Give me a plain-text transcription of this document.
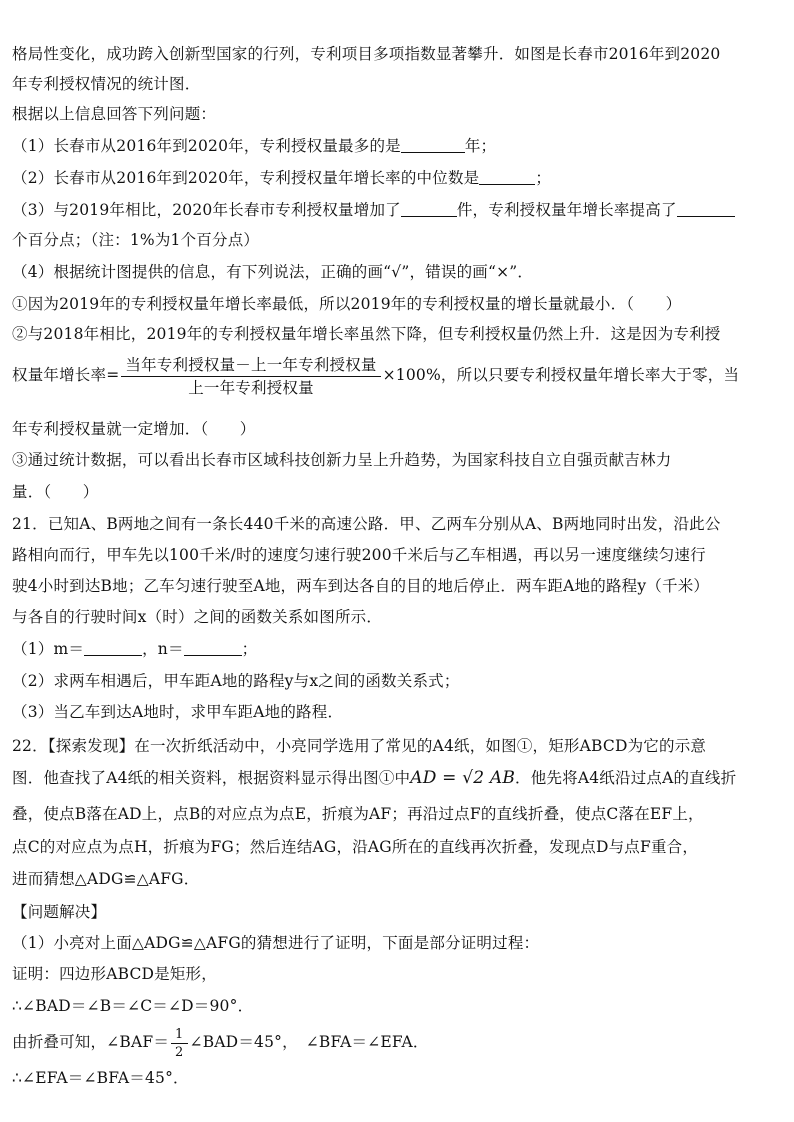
格局性变化，成功跨入创新型国家的行列，专利项目多项指数显著攀升．如图是长春市2016年到2020
年专利授权情况的统计图．
根据以上信息回答下列问题：
（1）长春市从2016年到2020年，专利授权量最多的是	年；
（2）长春市从2016年到2020年，专利授权量年增长率的中位数是	；
（3）与2019年相比，2020年长春市专利授权量增加了	件，专利授权量年增长率提高了
个百分点；（注：1%为1个百分点）
（4）根据统计图提供的信息，有下列说法，正确的画“√”，错误的画“×”．
①因为2019年的专利授权量年增长率最低，所以2019年的专利授权量的增长量就最小．（　　）
②与2018年相比，2019年的专利授权量年增长率虽然下降，但专利授权量仍然上升．这是因为专利授
权量年增长率= $\frac{\text{当年专利授权量－上一年专利授权量}}{\text{上一年专利授权量}} \times 100\%$，所以只要专利授权量年增长率大于零，当
年专利授权量就一定增加．（　　）
③通过统计数据，可以看出长春市区域科技创新力呈上升趋势，为国家科技自立自强贡献吉林力
量．（　　）
21．已知A、B两地之间有一条长440千米的高速公路．甲、乙两车分别从A、B两地同时出发，沿此公
路相向而行，甲车先以100千米/时的速度匀速行驶200千米后与乙车相遇，再以另一速度继续匀速行
驶4小时到达B地；乙车匀速行驶至A地，两车到达各自的目的地后停止．两车距A地的路程y（千米）
与各自的行驶时间x（时）之间的函数关系如图所示．
（1）m＝	，n＝	；
（2）求两车相遇后，甲车距A地的路程y与x之间的函数关系式；
（3）当乙车到达A地时，求甲车距A地的路程．
22．【探索发现】在一次折纸活动中，小亮同学选用了常见的A4纸，如图①，矩形ABCD为它的示意
图．他查找了A4纸的相关资料，根据资料显示得出图①中AD = √2 AB．他先将A4纸沿过点A的直线折
叠，使点B落在AD上，点B的对应点为点E，折痕为AF；再沿过点F的直线折叠，使点C落在EF上，
点C的对应点为点H，折痕为FG；然后连结AG，沿AG所在的直线再次折叠，发现点D与点F重合，
进而猜想△ADG≌△AFG．
【问题解决】
（1）小亮对上面△ADG≌△AFG的猜想进行了证明，下面是部分证明过程：
证明：四边形ABCD是矩形，
∴∠BAD＝∠B＝∠C＝∠D＝90°．
由折叠可知，∠BAF＝ $\frac{1}{2}$ ∠BAD＝45°，　∠BFA＝∠EFA．
∴∠EFA＝∠BFA＝45°．
